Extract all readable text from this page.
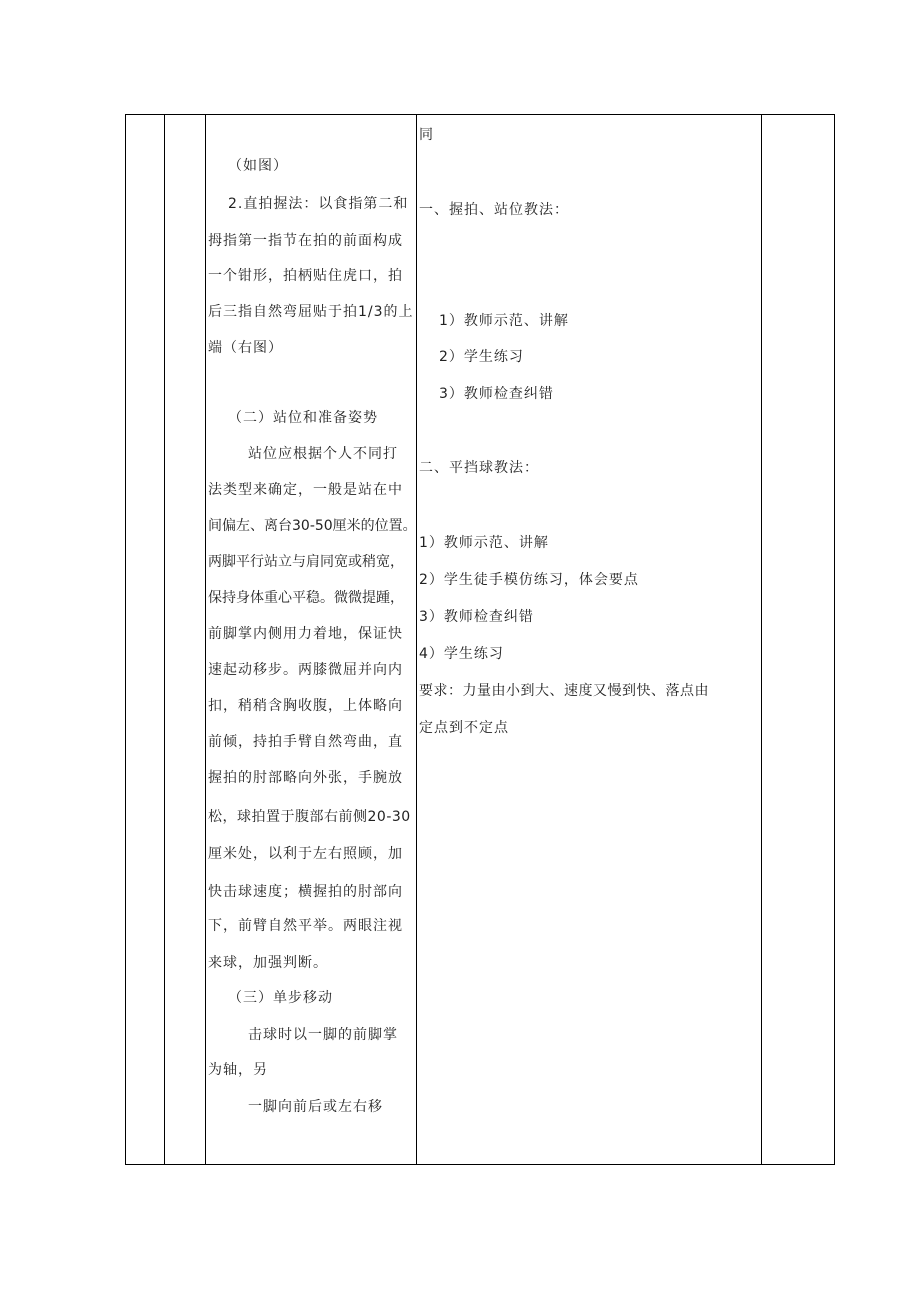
（如图）
2.直拍握法：以食指第二和
拇指第一指节在拍的前面构成
一个钳形，拍柄贴住虎口，拍
后三指自然弯屈贴于拍1/3的上
端（右图）
（二）站位和准备姿势
站位应根据个人不同打
法类型来确定，一般是站在中
间偏左、离台30-50厘米的位置。
两脚平行站立与肩同宽或稍宽，
保持身体重心平稳。微微提踵，
前脚掌内侧用力着地，保证快
速起动移步。两膝微屈并向内
扣，稍稍含胸收腹，上体略向
前倾，持拍手臂自然弯曲，直
握拍的肘部略向外张，手腕放
松，球拍置于腹部右前侧20-30
厘米处，以利于左右照顾，加
快击球速度；横握拍的肘部向
下，前臂自然平举。两眼注视
来球，加强判断。
（三）单步移动
击球时以一脚的前脚掌
为轴，另
一脚向前后或左右移
同
一、握拍、站位教法：
1）教师示范、讲解
2）学生练习
3）教师检查纠错
二、平挡球教法：
1）教师示范、讲解
2）学生徒手模仿练习，体会要点
3）教师检查纠错
4）学生练习
要求：力量由小到大、速度又慢到快、落点由
定点到不定点
